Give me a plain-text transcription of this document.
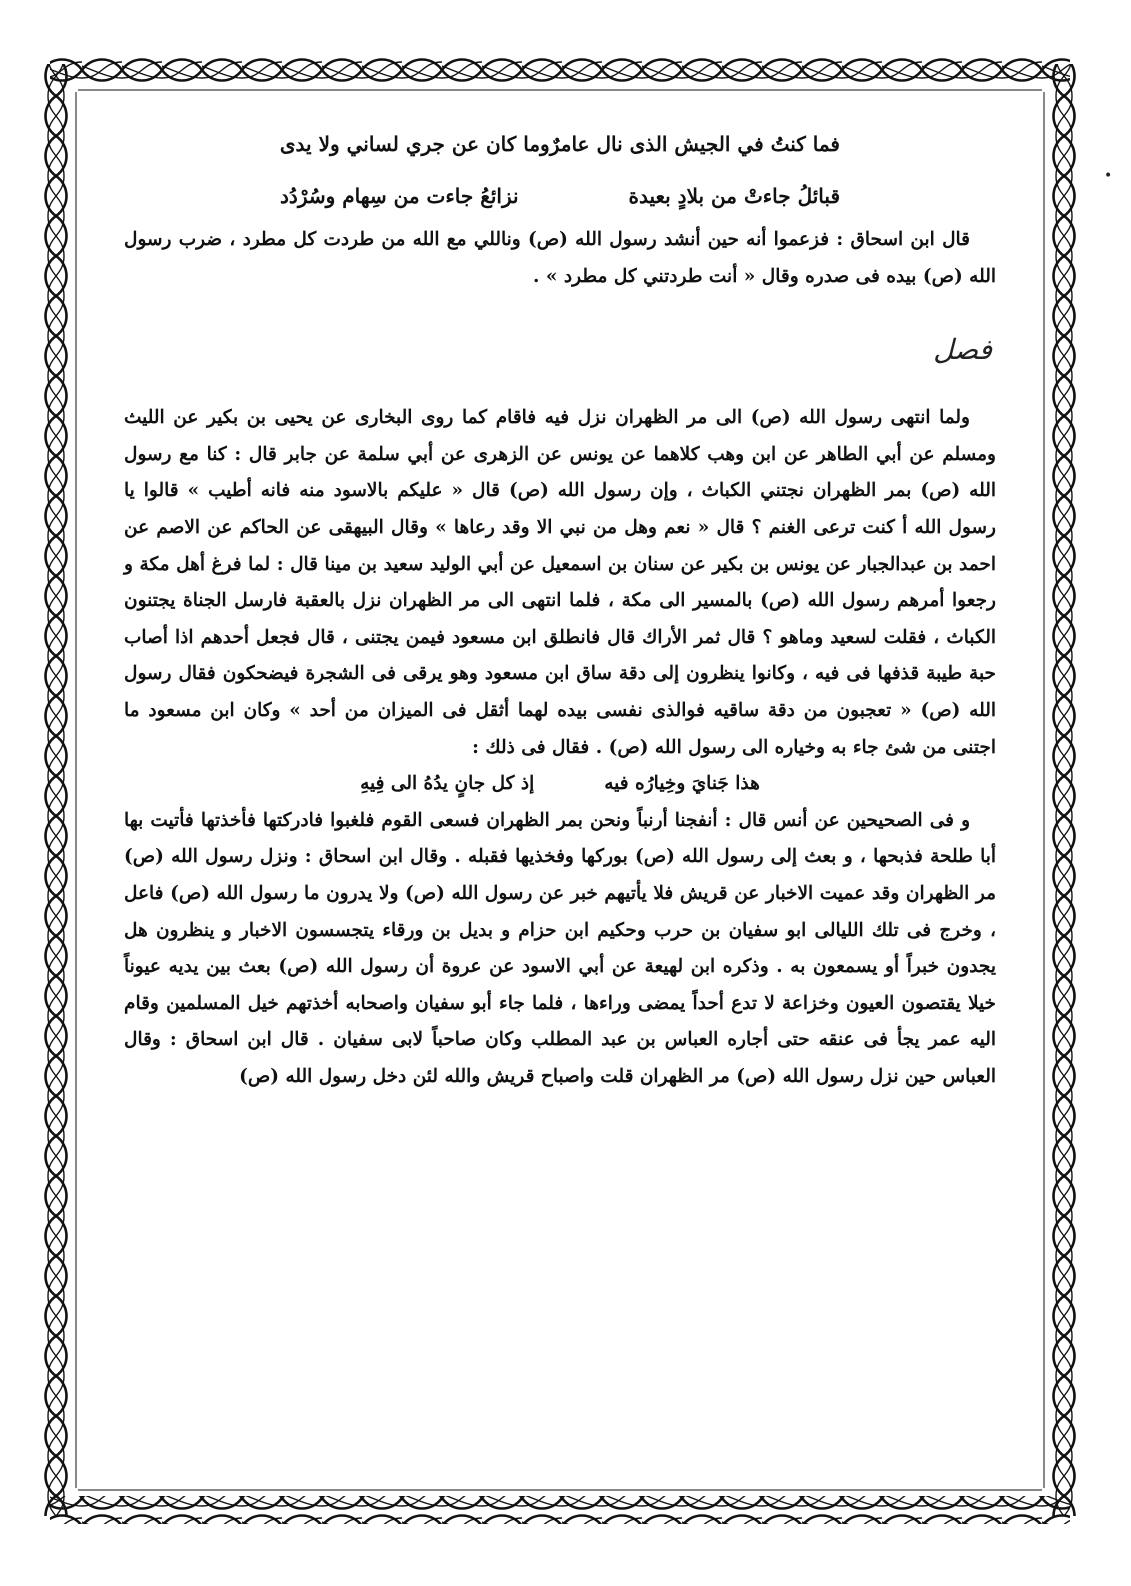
فما كنتُ في الجيش الذى نال عامرٌ
وما كان عن جري لساني ولا يدى
قبائلُ جاءتْ من بلادٍ بعيدة
نزائعُ جاءت من سِهام وسُرْدُد

قال ابن اسحاق : فزعموا أنه حين أنشد رسول الله (ص) وناللي مع الله من طردت كل مطرد ، ضرب رسول الله (ص) بيده فى صدره وقال « أنت طردتني كل مطرد » .

فصل

ولما انتهى رسول الله (ص) الى مر الظهران نزل فيه فاقام كما روى البخارى عن يحيى بن بكير عن الليث ومسلم عن أبي الطاهر عن ابن وهب كلاهما عن يونس عن الزهرى عن أبي سلمة عن جابر قال : كنا مع رسول الله (ص) بمر الظهران نجتني الكباث ، وإن رسول الله (ص) قال « عليكم بالاسود منه فانه أطيب » قالوا يا رسول الله أ كنت ترعى الغنم ؟ قال « نعم وهل من نبي الا وقد رعاها » وقال البيهقى عن الحاكم عن الاصم عن احمد بن عبدالجبار عن يونس بن بكير عن سنان بن اسمعيل عن أبي الوليد سعيد بن مينا قال : لما فرغ أهل مكة و رجعوا أمرهم رسول الله (ص) بالمسير الى مكة ، فلما انتهى الى مر الظهران نزل بالعقبة فارسل الجناة يجتنون الكباث ، فقلت لسعيد وماهو ؟ قال ثمر الأراك قال فانطلق ابن مسعود فيمن يجتنى ، قال فجعل أحدهم اذا أصاب حبة طيبة قذفها فى فيه ، وكانوا ينظرون إلى دقة ساق ابن مسعود وهو يرقى فى الشجرة فيضحكون فقال رسول الله (ص) « تعجبون من دقة ساقيه فوالذى نفسى بيده لهما أثقل فى الميزان من أحد » وكان ابن مسعود ما اجتنى من شئ جاء به وخياره الى رسول الله (ص) . فقال فى ذلك :

هذا جَنايَ وخِيارُه فيه
إذ كل جانٍ يدُهُ الى فِيهِ

و فى الصحيحين عن أنس قال : أنفجنا أرنباً ونحن بمر الظهران فسعى القوم فلغبوا فادركتها فأخذتها فأتيت بها أبا طلحة فذبحها ، و بعث إلى رسول الله (ص) بوركها وفخذيها فقبله . وقال ابن اسحاق : ونزل رسول الله (ص) مر الظهران وقد عميت الاخبار عن قريش فلا يأتيهم خبر عن رسول الله (ص) ولا يدرون ما رسول الله (ص) فاعل ، وخرج فى تلك الليالى ابو سفيان بن حرب وحكيم ابن حزام و بديل بن ورقاء يتجسسون الاخبار و ينظرون هل يجدون خبراً أو يسمعون به . وذكره ابن لهيعة عن أبي الاسود عن عروة أن رسول الله (ص) بعث بين يديه عيوناً خيلا يقتصون العيون وخزاعة لا تدع أحداً يمضى وراءها ، فلما جاء أبو سفيان واصحابه أخذتهم خيل المسلمين وقام اليه عمر يجأ فى عنقه حتى أجاره العباس بن عبد المطلب وكان صاحباً لابى سفيان . قال ابن اسحاق : وقال العباس حين نزل رسول الله (ص) مر الظهران قلت واصباح قريش والله لئن دخل رسول الله (ص)

•
